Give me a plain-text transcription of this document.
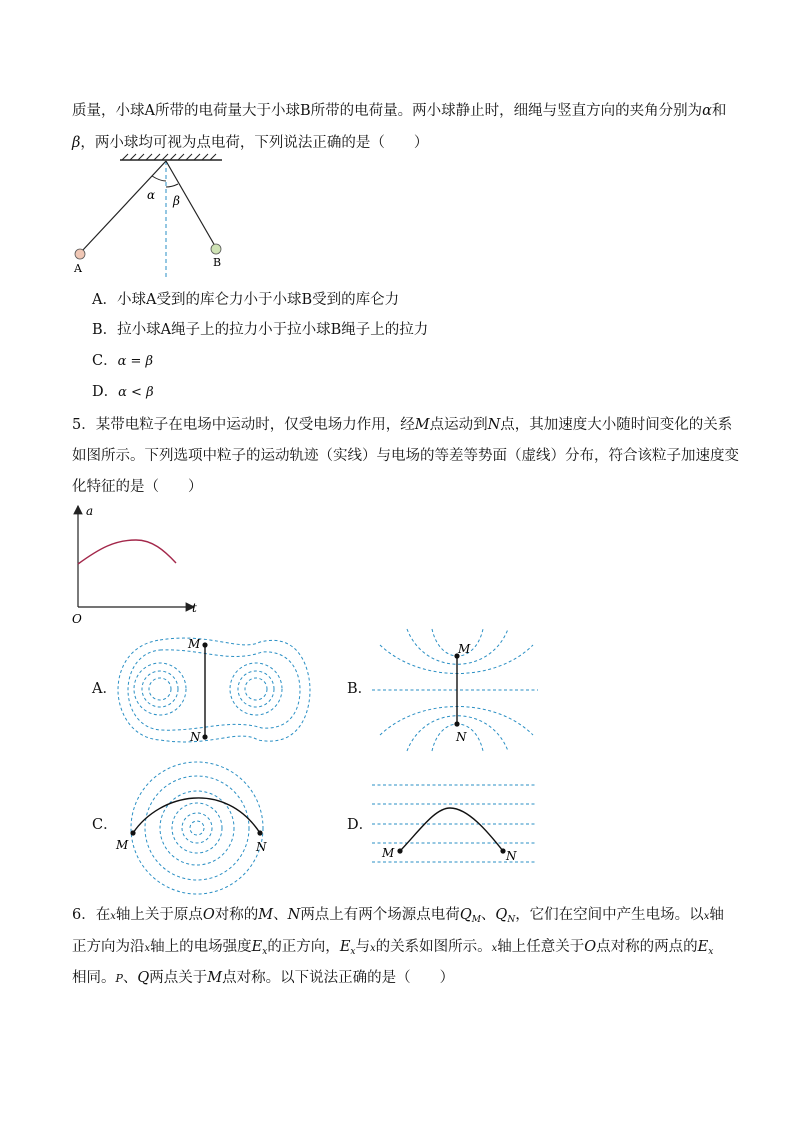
质量，小球A所带的电荷量大于小球B所带的电荷量。两小球静止时，细绳与竖直方向的夹角分别为α和
β，两小球均可视为点电荷，下列说法正确的是（　　）
A．小球A受到的库仑力小于小球B受到的库仑力
B．拉小球A绳子上的拉力小于拉小球B绳子上的拉力
C．α = β
D．α < β
5．某带电粒子在电场中运动时，仅受电场力作用，经M点运动到N点，其加速度大小随时间变化的关系
如图所示。下列选项中粒子的运动轨迹（实线）与电场的等差等势面（虚线）分布，符合该粒子加速度变
化特征的是（　　）
A．	B．
C．	D．
6．在x轴上关于原点O对称的M、N两点上有两个场源点电荷$Q_M$、$Q_N$，它们在空间中产生电场。以x轴
正方向为沿x轴上的电场强度$E_x$的正方向，$E_x$与x的关系如图所示。x轴上任意关于O点对称的两点的$E_x$
相同。P、Q两点关于M点对称。以下说法正确的是（　　）
α β
A	B
a
t
O
M
N
M
N
M	N	M	N
